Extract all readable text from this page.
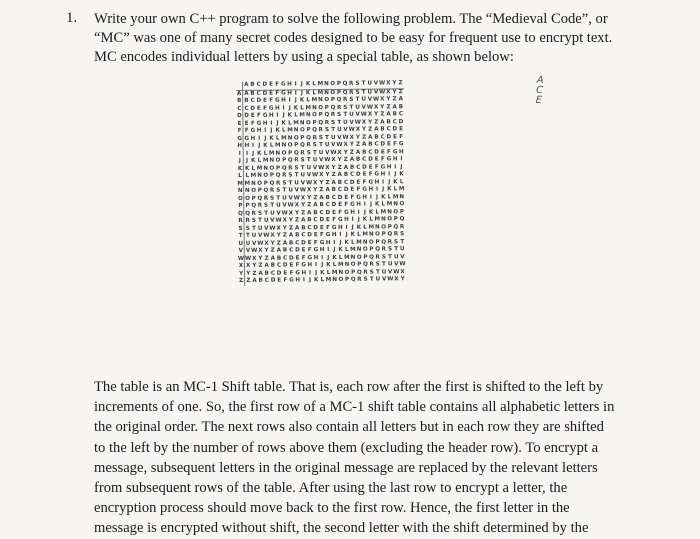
1. Write your own C++ program to solve the following problem. The “Medieval Code”, or
“MC” was one of many secret codes designed to be easy for frequent use to encrypt text.
MC encodes individual letters by using a special table, as shown below:
	A	B	C	D	E	F	G	H	I	J	K	L	M	N	O	P	Q	R	S	T	U	V	W	X	Y	Z
A	A	B	C	D	E	F	G	H	I	J	K	L	M	N	O	P	Q	R	S	T	U	V	W	X	Y	Z
B	B	C	D	E	F	G	H	I	J	K	L	M	N	O	P	Q	R	S	T	U	V	W	X	Y	Z	A
C	C	D	E	F	G	H	I	J	K	L	M	N	O	P	Q	R	S	T	U	V	W	X	Y	Z	A	B
D	D	E	F	G	H	I	J	K	L	M	N	O	P	Q	R	S	T	U	V	W	X	Y	Z	A	B	C
E	E	F	G	H	I	J	K	L	M	N	O	P	Q	R	S	T	U	V	W	X	Y	Z	A	B	C	D
F	F	G	H	I	J	K	L	M	N	O	P	Q	R	S	T	U	V	W	X	Y	Z	A	B	C	D	E
G	G	H	I	J	K	L	M	N	O	P	Q	R	S	T	U	V	W	X	Y	Z	A	B	C	D	E	F
H	H	I	J	K	L	M	N	O	P	Q	R	S	T	U	V	W	X	Y	Z	A	B	C	D	E	F	G
I	I	J	K	L	M	N	O	P	Q	R	S	T	U	V	W	X	Y	Z	A	B	C	D	E	F	G	H
J	J	K	L	M	N	O	P	Q	R	S	T	U	V	W	X	Y	Z	A	B	C	D	E	F	G	H	I
K	K	L	M	N	O	P	Q	R	S	T	U	V	W	X	Y	Z	A	B	C	D	E	F	G	H	I	J
L	L	M	N	O	P	Q	R	S	T	U	V	W	X	Y	Z	A	B	C	D	E	F	G	H	I	J	K
M	M	N	O	P	Q	R	S	T	U	V	W	X	Y	Z	A	B	C	D	E	F	G	H	I	J	K	L
N	N	O	P	Q	R	S	T	U	V	W	X	Y	Z	A	B	C	D	E	F	G	H	I	J	K	L	M
O	O	P	Q	R	S	T	U	V	W	X	Y	Z	A	B	C	D	E	F	G	H	I	J	K	L	M	N
P	P	Q	R	S	T	U	V	W	X	Y	Z	A	B	C	D	E	F	G	H	I	J	K	L	M	N	O
Q	Q	R	S	T	U	V	W	X	Y	Z	A	B	C	D	E	F	G	H	I	J	K	L	M	N	O	P
R	R	S	T	U	V	W	X	Y	Z	A	B	C	D	E	F	G	H	I	J	K	L	M	N	O	P	Q
S	S	T	U	V	W	X	Y	Z	A	B	C	D	E	F	G	H	I	J	K	L	M	N	O	P	Q	R
T	T	U	V	W	X	Y	Z	A	B	C	D	E	F	G	H	I	J	K	L	M	N	O	P	Q	R	S
U	U	V	W	X	Y	Z	A	B	C	D	E	F	G	H	I	J	K	L	M	N	O	P	Q	R	S	T
V	V	W	X	Y	Z	A	B	C	D	E	F	G	H	I	J	K	L	M	N	O	P	Q	R	S	T	U
W	W	X	Y	Z	A	B	C	D	E	F	G	H	I	J	K	L	M	N	O	P	Q	R	S	T	U	V
X	X	Y	Z	A	B	C	D	E	F	G	H	I	J	K	L	M	N	O	P	Q	R	S	T	U	V	W
Y	Y	Z	A	B	C	D	E	F	G	H	I	J	K	L	M	N	O	P	Q	R	S	T	U	V	W	X
Z	Z	A	B	C	D	E	F	G	H	I	J	K	L	M	N	O	P	Q	R	S	T	U	V	W	X	Y
A
C
E
The table is an MC-1 Shift table. That is, each row after the first is shifted to the left by
increments of one. So, the first row of a MC-1 shift table contains all alphabetic letters in
the original order. The next rows also contain all letters but in each row they are shifted
to the left by the number of rows above them (excluding the header row). To encrypt a
message, subsequent letters in the original message are replaced by the relevant letters
from subsequent rows of the table. After using the last row to encrypt a letter, the
encryption process should move back to the first row. Hence, the first letter in the
message is encrypted without shift, the second letter with the shift determined by the
